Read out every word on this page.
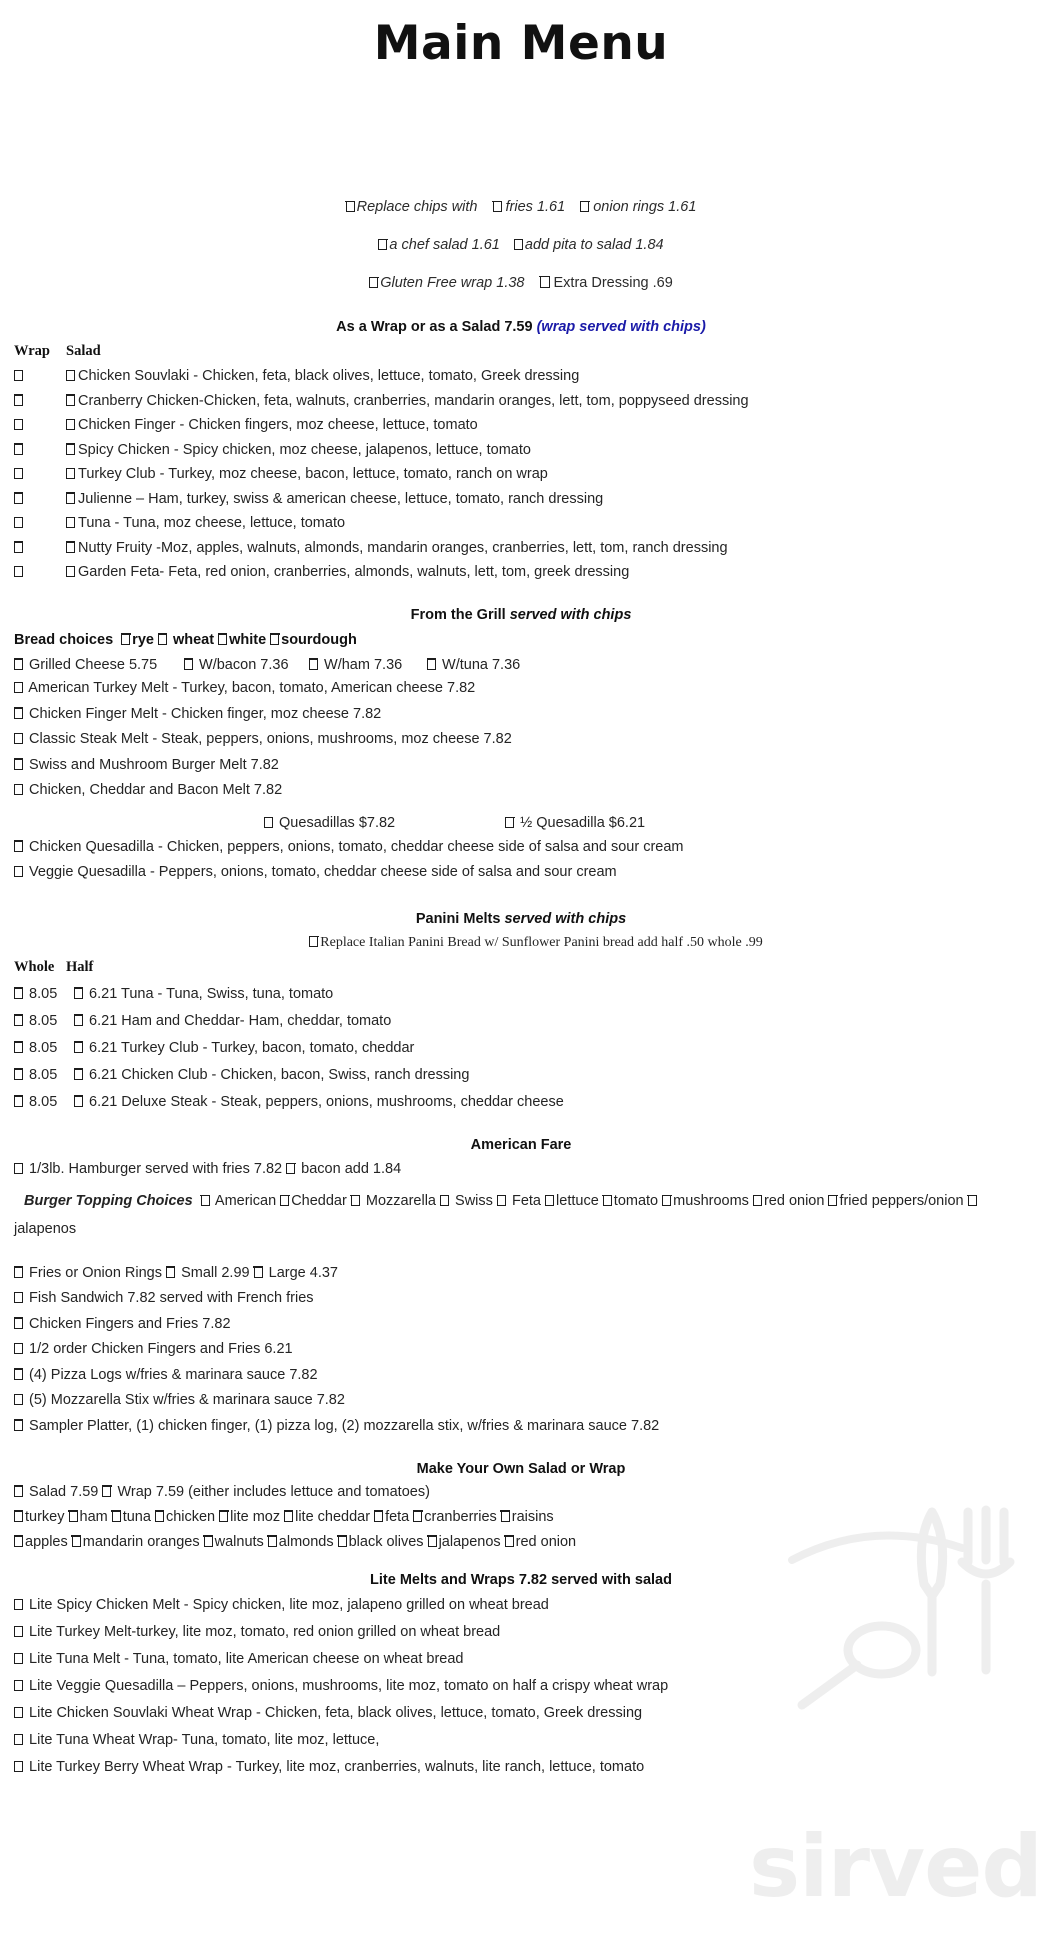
sirved
Main Menu

Replace chips with fries 1.61 onion rings 1.61

a chef salad 1.61 add pita to salad 1.84

Gluten Free wrap 1.38 Extra Dressing .69

As a Wrap or as a Salad 7.59 (wrap served with chips)
Wrap Salad
Chicken Souvlaki - Chicken, feta, black olives, lettuce, tomato, Greek dressing
Cranberry Chicken-Chicken, feta, walnuts, cranberries, mandarin oranges, lett, tom, poppyseed dressing
Chicken Finger - Chicken fingers, moz cheese, lettuce, tomato
Spicy Chicken - Spicy chicken, moz cheese, jalapenos, lettuce, tomato
Turkey Club - Turkey, moz cheese, bacon, lettuce, tomato, ranch on wrap
Julienne – Ham, turkey, swiss & american cheese, lettuce, tomato, ranch dressing
Tuna - Tuna, moz cheese, lettuce, tomato
Nutty Fruity -Moz, apples, walnuts, almonds, mandarin oranges, cranberries, lett, tom, ranch dressing
Garden Feta- Feta, red onion, cranberries, almonds, walnuts, lett, tom, greek dressing
From the Grill served with chips
Bread choices rye wheat white sourdough
Grilled Cheese 5.75	W/bacon 7.36 W/ham 7.36	W/tuna 7.36
American Turkey Melt - Turkey, bacon, tomato, American cheese 7.82
Chicken Finger Melt - Chicken finger, moz cheese 7.82
Classic Steak Melt - Steak, peppers, onions, mushrooms, moz cheese 7.82
Swiss and Mushroom Burger Melt 7.82
Chicken, Cheddar and Bacon Melt 7.82
Quesadillas $7.82	½ Quesadilla $6.21
Chicken Quesadilla - Chicken, peppers, onions, tomato, cheddar cheese side of salsa and sour cream
Veggie Quesadilla - Peppers, onions, tomato, cheddar cheese side of salsa and sour cream
Panini Melts served with chips
Replace Italian Panini Bread w/ Sunflower Panini bread add half .50 whole .99
Whole Half
8.05 6.21 Tuna - Tuna, Swiss, tuna, tomato
8.05 6.21 Ham and Cheddar- Ham, cheddar, tomato
8.05 6.21 Turkey Club - Turkey, bacon, tomato, cheddar
8.05 6.21 Chicken Club - Chicken, bacon, Swiss, ranch dressing
8.05 6.21 Deluxe Steak - Steak, peppers, onions, mushrooms, cheddar cheese
American Fare
1/3lb. Hamburger served with fries 7.82 bacon add 1.84
Burger Topping Choices  American Cheddar  Mozzarella  Swiss  Feta lettuce tomato mushrooms red onion fried peppers/onion jalapenos
Fries or Onion Rings Small 2.99 Large 4.37
Fish Sandwich 7.82 served with French fries
Chicken Fingers and Fries 7.82
1/2 order Chicken Fingers and Fries 6.21
(4) Pizza Logs w/fries & marinara sauce 7.82
(5) Mozzarella Stix w/fries & marinara sauce 7.82
Sampler Platter, (1) chicken finger, (1) pizza log, (2) mozzarella stix, w/fries & marinara sauce 7.82
Make Your Own Salad or Wrap
Salad 7.59 Wrap 7.59 (either includes lettuce and tomatoes)
turkey ham tuna chicken lite moz lite cheddar feta cranberries raisins
apples mandarin oranges walnuts almonds black olives jalapenos red onion
Lite Melts and Wraps 7.82 served with salad
Lite Spicy Chicken Melt - Spicy chicken, lite moz, jalapeno grilled on wheat bread
Lite Turkey Melt-turkey, lite moz, tomato, red onion grilled on wheat bread
Lite Tuna Melt - Tuna, tomato, lite American cheese on wheat bread
Lite Veggie Quesadilla – Peppers, onions, mushrooms, lite moz, tomato on half a crispy wheat wrap
Lite Chicken Souvlaki Wheat Wrap - Chicken, feta, black olives, lettuce, tomato, Greek dressing
Lite Tuna Wheat Wrap- Tuna, tomato, lite moz, lettuce,
Lite Turkey Berry Wheat Wrap - Turkey, lite moz, cranberries, walnuts, lite ranch, lettuce, tomato
